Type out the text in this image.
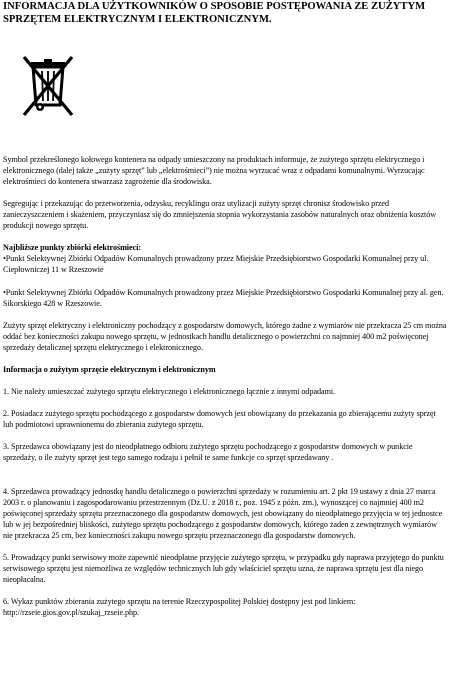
INFORMACJA DLA UŻYTKOWNIKÓW O SPOSOBIE POSTĘPOWANIA ZE ZUŻYTYM SPRZĘTEM ELEKTRYCZNYM I ELEKTRONICZNYM.

Symbol przekreślonego kołowego kontenera na odpady umieszczony na produktach informuje, że zużytego sprzętu elektrycznego i elektronicznego (dalej także „zużyty sprzęt” lub „elektrośmieci”) nie można wyrzucać wraz z odpadami komunalnymi. Wyrzucając elektrośmieci do kontenera stwarzasz zagrożenie dla środowiska.

Segregując i przekazując do przetworzenia, odzysku, recyklingu oraz utylizacji zużyty sprzęt chronisz środowisko przed zanieczyszczeniem i skażeniem, przyczyniasz się do zmniejszenia stopnia wykorzystania zasobów naturalnych oraz obniżenia kosztów produkcji nowego sprzętu.

Najbliższe punkty zbiórki elektrośmieci:

•Punkt Selektywnej Zbiórki Odpadów Komunalnych prowadzony przez Miejskie Przedsiębiorstwo Gospodarki Komunalnej przy ul. Ciepłowniczej 11 w Rzeszowie

•Punkt Selektywnej Zbiórki Odpadów Komunalnych prowadzony przez Miejskie Przedsiębiorstwo Gospodarki Komunalnej przy al. gen. Sikorskiego 428 w Rzeszowie.

Zużyty sprzęt elektryczny i elektroniczny pochodzący z gospodarstw domowych, którego żadne z wymiarów nie przekracza 25 cm można oddać bez konieczności zakupu nowego sprzętu, w jednostkach handlu detalicznego o powierzchni co najmniej 400 m2 poświęconej sprzedaży detalicznej sprzętu elektrycznego i elektronicznego.

Informacja o zużytym sprzęcie elektrycznym i elektronicznym

1. Nie należy umieszczać zużytego sprzętu elektrycznego i elektronicznego łącznie z innymi odpadami.

2. Posiadacz zużytego sprzętu pochodzącego z gospodarstw domowych jest obowiązany do przekazania go zbierającemu zużyty sprzęt lub podmiotowi uprawnionemu do zbierania zużytego sprzętu.

3. Sprzedawca obowiązany jest do nieodpłatnego odbioru zużytego sprzętu pochodzącego z gospodarstw domowych w punkcie sprzedaży, o ile zużyty sprzęt jest tego samego rodzaju i pełnił te same funkcje co sprzęt sprzedawany .

4. Sprzedawca prowadzący jednostkę handlu detalicznego o powierzchni sprzedaży w rozumieniu art. 2 pkt 19 ustawy z dnia 27 marca 2003 r. o planowaniu i zagospodarowaniu przestrzennym (Dz.U. z 2018 r., poz. 1945 z późn. zm.), wynoszącej co najmniej 400 m2 poświęconej sprzedaży sprzętu przeznaczonego dla gospodarstw domowych, jest obowiązany do nieodpłatnego przyjęcia w tej jednostce lub w jej bezpośredniej bliskości, zużytego sprzętu pochodzącego z gospodarstw domowych, którego żaden z zewnętrznych wymiarów nie przekracza 25 cm, bez konieczności zakupu nowego sprzętu przeznaczonego dla gospodarstw domowych.

5. Prowadzący punkt serwisowy może zapewnić nieodpłatne przyjęcie zużytego sprzętu, w przypadku gdy naprawa przyjętego do punktu serwisowego sprzętu jest niemożliwa ze względów technicznych lub gdy właściciel sprzętu uzna, że naprawa sprzętu jest dla niego nieopłacalna.

6. Wykaz punktów zbierania zużytego sprzętu na terenie Rzeczypospolitej Polskiej dostępny jest pod linkiem: http://rzseie.gios.gov.pl/szukaj_rzseie.php.
